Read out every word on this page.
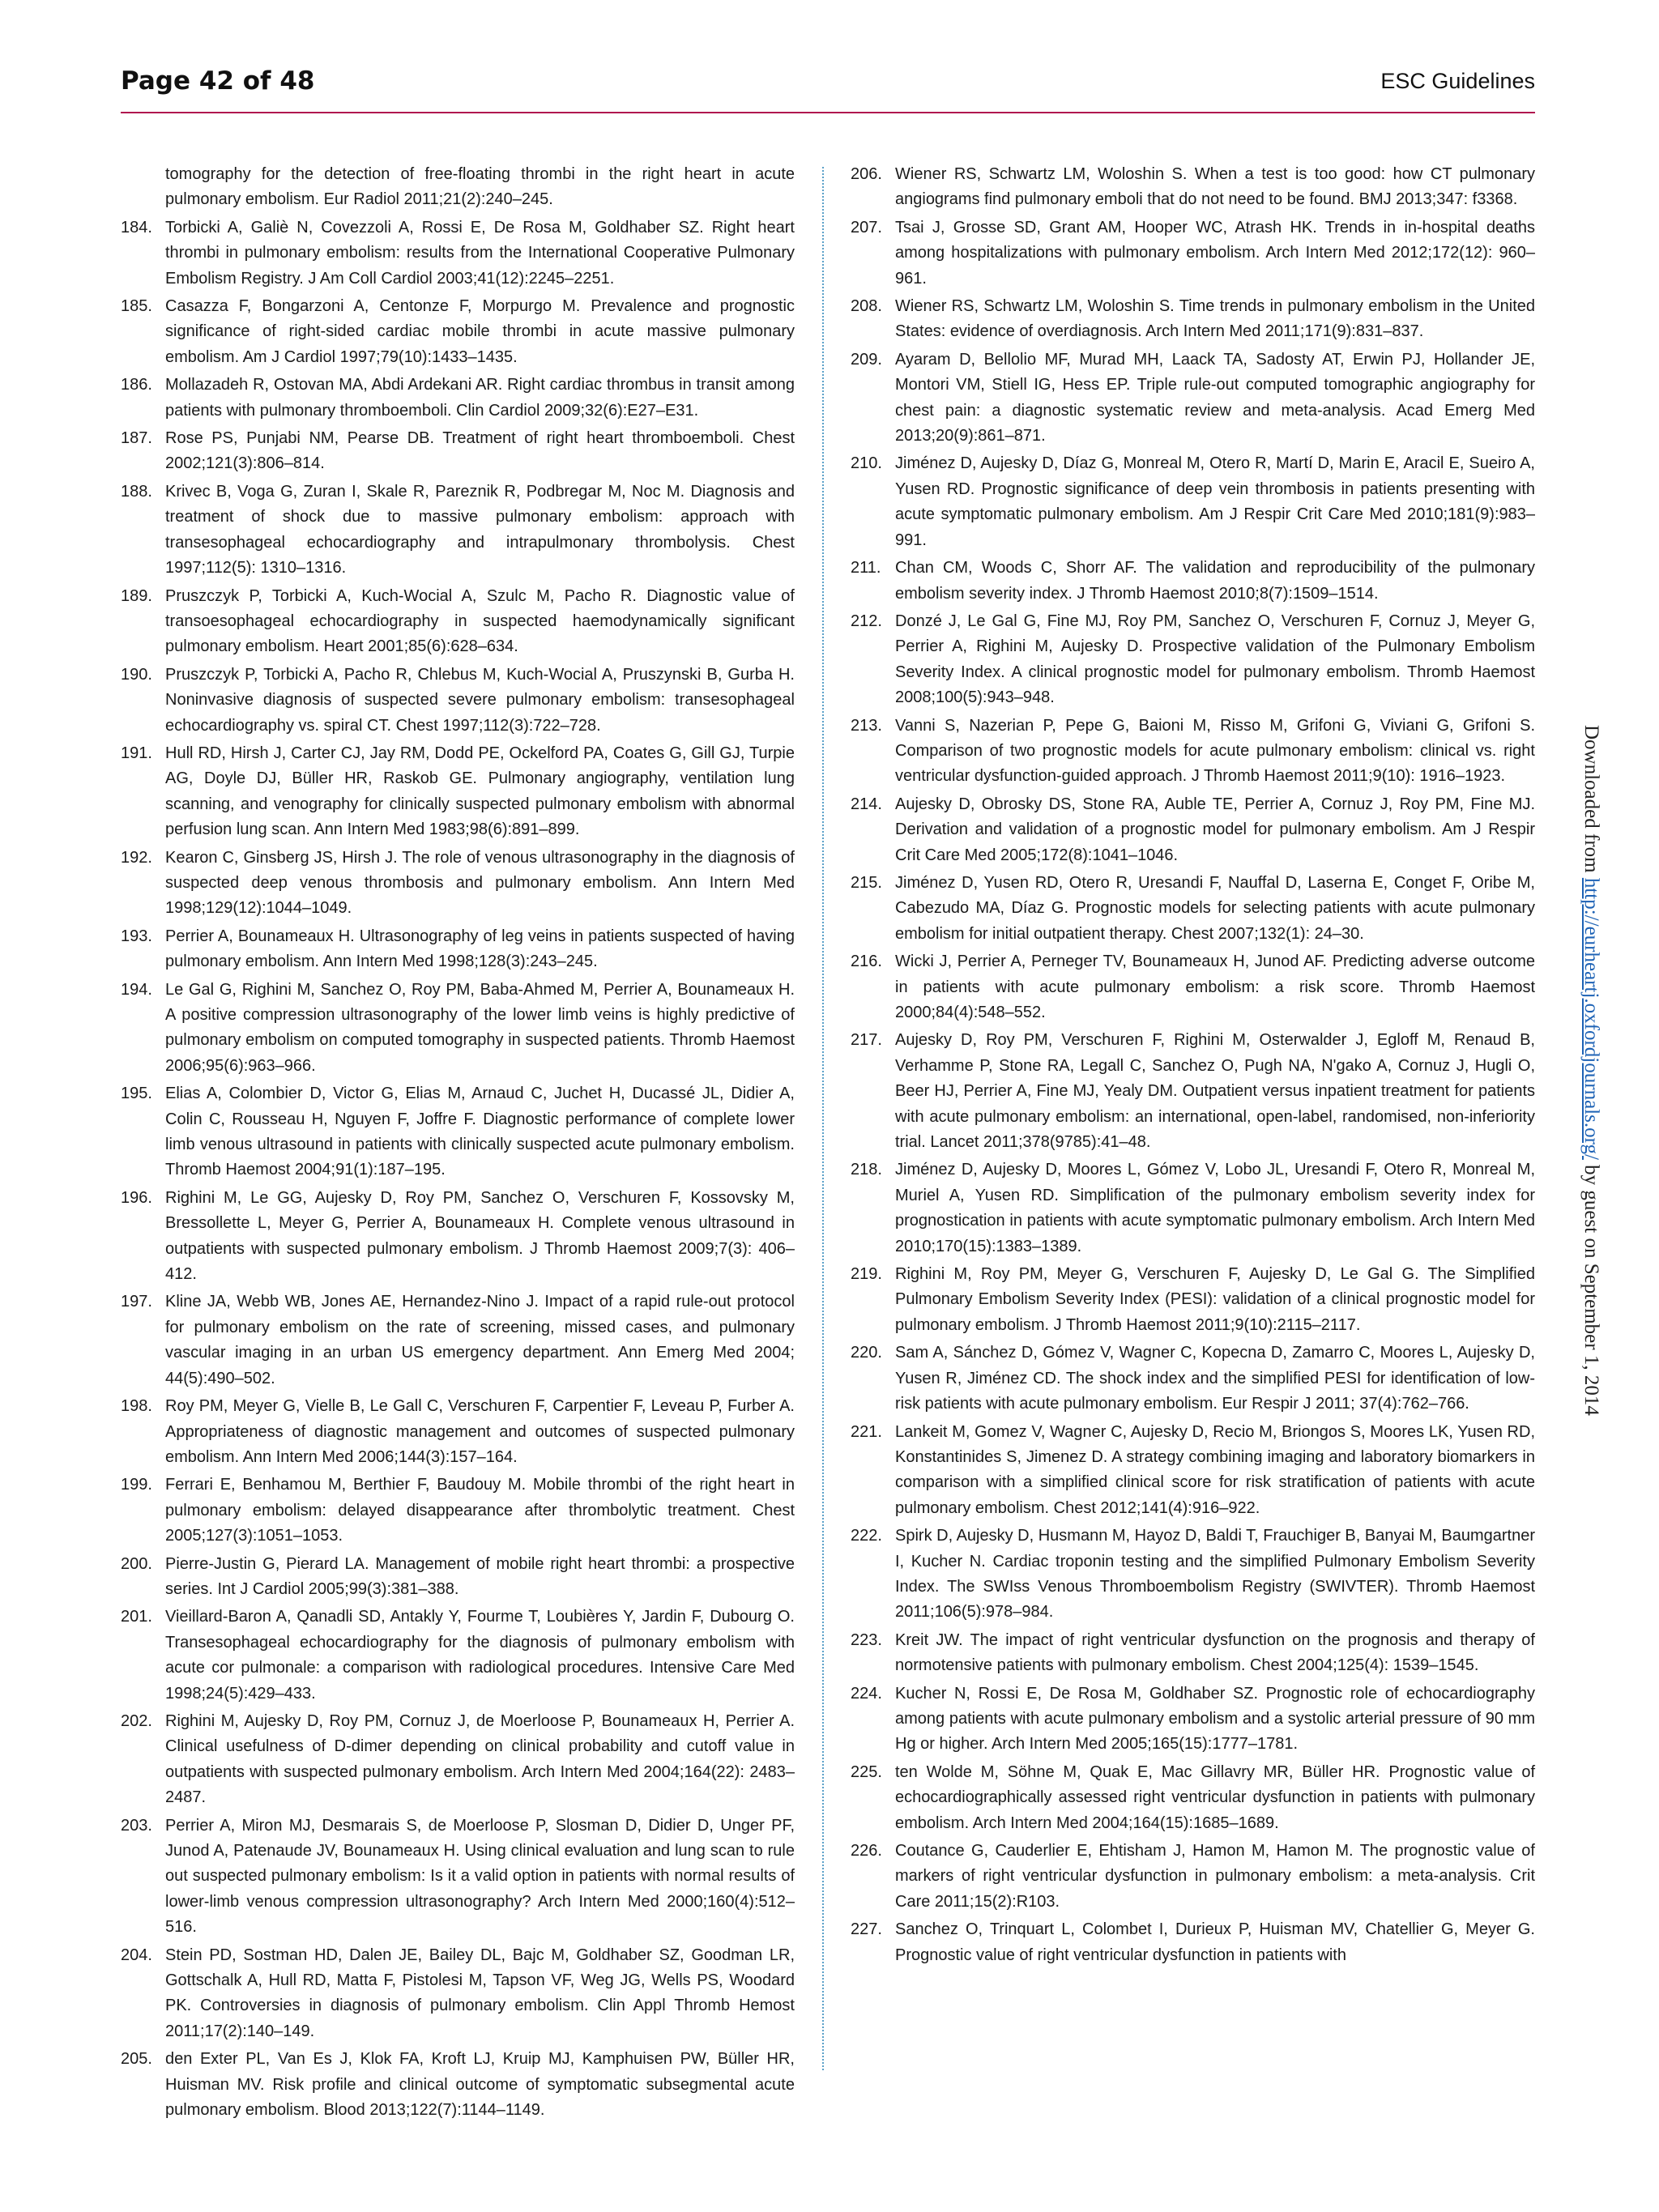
Page 42 of 48	ESC Guidelines
tomography for the detection of free-floating thrombi in the right heart in acute pulmonary embolism. Eur Radiol 2011;21(2):240–245.
184. Torbicki A, Galiè N, Covezzoli A, Rossi E, De Rosa M, Goldhaber SZ. Right heart thrombi in pulmonary embolism: results from the International Cooperative Pulmonary Embolism Registry. J Am Coll Cardiol 2003;41(12):2245–2251.
185. Casazza F, Bongarzoni A, Centonze F, Morpurgo M. Prevalence and prognostic significance of right-sided cardiac mobile thrombi in acute massive pulmonary embolism. Am J Cardiol 1997;79(10):1433–1435.
186. Mollazadeh R, Ostovan MA, Abdi Ardekani AR. Right cardiac thrombus in transit among patients with pulmonary thromboemboli. Clin Cardiol 2009;32(6):E27–E31.
187. Rose PS, Punjabi NM, Pearse DB. Treatment of right heart thromboemboli. Chest 2002;121(3):806–814.
188. Krivec B, Voga G, Zuran I, Skale R, Pareznik R, Podbregar M, Noc M. Diagnosis and treatment of shock due to massive pulmonary embolism: approach with transesophageal echocardiography and intrapulmonary thrombolysis. Chest 1997;112(5): 1310–1316.
189. Pruszczyk P, Torbicki A, Kuch-Wocial A, Szulc M, Pacho R. Diagnostic value of transoesophageal echocardiography in suspected haemodynamically significant pulmonary embolism. Heart 2001;85(6):628–634.
190. Pruszczyk P, Torbicki A, Pacho R, Chlebus M, Kuch-Wocial A, Pruszynski B, Gurba H. Noninvasive diagnosis of suspected severe pulmonary embolism: transesophageal echocardiography vs. spiral CT. Chest 1997;112(3):722–728.
191. Hull RD, Hirsh J, Carter CJ, Jay RM, Dodd PE, Ockelford PA, Coates G, Gill GJ, Turpie AG, Doyle DJ, Büller HR, Raskob GE. Pulmonary angiography, ventilation lung scanning, and venography for clinically suspected pulmonary embolism with abnormal perfusion lung scan. Ann Intern Med 1983;98(6):891–899.
192. Kearon C, Ginsberg JS, Hirsh J. The role of venous ultrasonography in the diagnosis of suspected deep venous thrombosis and pulmonary embolism. Ann Intern Med 1998;129(12):1044–1049.
193. Perrier A, Bounameaux H. Ultrasonography of leg veins in patients suspected of having pulmonary embolism. Ann Intern Med 1998;128(3):243–245.
194. Le Gal G, Righini M, Sanchez O, Roy PM, Baba-Ahmed M, Perrier A, Bounameaux H. A positive compression ultrasonography of the lower limb veins is highly predictive of pulmonary embolism on computed tomography in suspected patients. Thromb Haemost 2006;95(6):963–966.
195. Elias A, Colombier D, Victor G, Elias M, Arnaud C, Juchet H, Ducassé JL, Didier A, Colin C, Rousseau H, Nguyen F, Joffre F. Diagnostic performance of complete lower limb venous ultrasound in patients with clinically suspected acute pulmonary embolism. Thromb Haemost 2004;91(1):187–195.
196. Righini M, Le GG, Aujesky D, Roy PM, Sanchez O, Verschuren F, Kossovsky M, Bressollette L, Meyer G, Perrier A, Bounameaux H. Complete venous ultrasound in outpatients with suspected pulmonary embolism. J Thromb Haemost 2009;7(3): 406–412.
197. Kline JA, Webb WB, Jones AE, Hernandez-Nino J. Impact of a rapid rule-out protocol for pulmonary embolism on the rate of screening, missed cases, and pulmonary vascular imaging in an urban US emergency department. Ann Emerg Med 2004; 44(5):490–502.
198. Roy PM, Meyer G, Vielle B, Le Gall C, Verschuren F, Carpentier F, Leveau P, Furber A. Appropriateness of diagnostic management and outcomes of suspected pulmonary embolism. Ann Intern Med 2006;144(3):157–164.
199. Ferrari E, Benhamou M, Berthier F, Baudouy M. Mobile thrombi of the right heart in pulmonary embolism: delayed disappearance after thrombolytic treatment. Chest 2005;127(3):1051–1053.
200. Pierre-Justin G, Pierard LA. Management of mobile right heart thrombi: a prospective series. Int J Cardiol 2005;99(3):381–388.
201. Vieillard-Baron A, Qanadli SD, Antakly Y, Fourme T, Loubières Y, Jardin F, Dubourg O. Transesophageal echocardiography for the diagnosis of pulmonary embolism with acute cor pulmonale: a comparison with radiological procedures. Intensive Care Med 1998;24(5):429–433.
202. Righini M, Aujesky D, Roy PM, Cornuz J, de Moerloose P, Bounameaux H, Perrier A. Clinical usefulness of D-dimer depending on clinical probability and cutoff value in outpatients with suspected pulmonary embolism. Arch Intern Med 2004;164(22): 2483–2487.
203. Perrier A, Miron MJ, Desmarais S, de Moerloose P, Slosman D, Didier D, Unger PF, Junod A, Patenaude JV, Bounameaux H. Using clinical evaluation and lung scan to rule out suspected pulmonary embolism: Is it a valid option in patients with normal results of lower-limb venous compression ultrasonography? Arch Intern Med 2000;160(4):512–516.
204. Stein PD, Sostman HD, Dalen JE, Bailey DL, Bajc M, Goldhaber SZ, Goodman LR, Gottschalk A, Hull RD, Matta F, Pistolesi M, Tapson VF, Weg JG, Wells PS, Woodard PK. Controversies in diagnosis of pulmonary embolism. Clin Appl Thromb Hemost 2011;17(2):140–149.
205. den Exter PL, Van Es J, Klok FA, Kroft LJ, Kruip MJ, Kamphuisen PW, Büller HR, Huisman MV. Risk profile and clinical outcome of symptomatic subsegmental acute pulmonary embolism. Blood 2013;122(7):1144–1149.
206. Wiener RS, Schwartz LM, Woloshin S. When a test is too good: how CT pulmonary angiograms find pulmonary emboli that do not need to be found. BMJ 2013;347: f3368.
207. Tsai J, Grosse SD, Grant AM, Hooper WC, Atrash HK. Trends in in-hospital deaths among hospitalizations with pulmonary embolism. Arch Intern Med 2012;172(12): 960–961.
208. Wiener RS, Schwartz LM, Woloshin S. Time trends in pulmonary embolism in the United States: evidence of overdiagnosis. Arch Intern Med 2011;171(9):831–837.
209. Ayaram D, Bellolio MF, Murad MH, Laack TA, Sadosty AT, Erwin PJ, Hollander JE, Montori VM, Stiell IG, Hess EP. Triple rule-out computed tomographic angiography for chest pain: a diagnostic systematic review and meta-analysis. Acad Emerg Med 2013;20(9):861–871.
210. Jiménez D, Aujesky D, Díaz G, Monreal M, Otero R, Martí D, Marin E, Aracil E, Sueiro A, Yusen RD. Prognostic significance of deep vein thrombosis in patients presenting with acute symptomatic pulmonary embolism. Am J Respir Crit Care Med 2010;181(9):983–991.
211. Chan CM, Woods C, Shorr AF. The validation and reproducibility of the pulmonary embolism severity index. J Thromb Haemost 2010;8(7):1509–1514.
212. Donzé J, Le Gal G, Fine MJ, Roy PM, Sanchez O, Verschuren F, Cornuz J, Meyer G, Perrier A, Righini M, Aujesky D. Prospective validation of the Pulmonary Embolism Severity Index. A clinical prognostic model for pulmonary embolism. Thromb Haemost 2008;100(5):943–948.
213. Vanni S, Nazerian P, Pepe G, Baioni M, Risso M, Grifoni G, Viviani G, Grifoni S. Comparison of two prognostic models for acute pulmonary embolism: clinical vs. right ventricular dysfunction-guided approach. J Thromb Haemost 2011;9(10): 1916–1923.
214. Aujesky D, Obrosky DS, Stone RA, Auble TE, Perrier A, Cornuz J, Roy PM, Fine MJ. Derivation and validation of a prognostic model for pulmonary embolism. Am J Respir Crit Care Med 2005;172(8):1041–1046.
215. Jiménez D, Yusen RD, Otero R, Uresandi F, Nauffal D, Laserna E, Conget F, Oribe M, Cabezudo MA, Díaz G. Prognostic models for selecting patients with acute pulmonary embolism for initial outpatient therapy. Chest 2007;132(1): 24–30.
216. Wicki J, Perrier A, Perneger TV, Bounameaux H, Junod AF. Predicting adverse outcome in patients with acute pulmonary embolism: a risk score. Thromb Haemost 2000;84(4):548–552.
217. Aujesky D, Roy PM, Verschuren F, Righini M, Osterwalder J, Egloff M, Renaud B, Verhamme P, Stone RA, Legall C, Sanchez O, Pugh NA, N'gako A, Cornuz J, Hugli O, Beer HJ, Perrier A, Fine MJ, Yealy DM. Outpatient versus inpatient treatment for patients with acute pulmonary embolism: an international, open-label, randomised, non-inferiority trial. Lancet 2011;378(9785):41–48.
218. Jiménez D, Aujesky D, Moores L, Gómez V, Lobo JL, Uresandi F, Otero R, Monreal M, Muriel A, Yusen RD. Simplification of the pulmonary embolism severity index for prognostication in patients with acute symptomatic pulmonary embolism. Arch Intern Med 2010;170(15):1383–1389.
219. Righini M, Roy PM, Meyer G, Verschuren F, Aujesky D, Le Gal G. The Simplified Pulmonary Embolism Severity Index (PESI): validation of a clinical prognostic model for pulmonary embolism. J Thromb Haemost 2011;9(10):2115–2117.
220. Sam A, Sánchez D, Gómez V, Wagner C, Kopecna D, Zamarro C, Moores L, Aujesky D, Yusen R, Jiménez CD. The shock index and the simplified PESI for identification of low-risk patients with acute pulmonary embolism. Eur Respir J 2011; 37(4):762–766.
221. Lankeit M, Gomez V, Wagner C, Aujesky D, Recio M, Briongos S, Moores LK, Yusen RD, Konstantinides S, Jimenez D. A strategy combining imaging and laboratory biomarkers in comparison with a simplified clinical score for risk stratification of patients with acute pulmonary embolism. Chest 2012;141(4):916–922.
222. Spirk D, Aujesky D, Husmann M, Hayoz D, Baldi T, Frauchiger B, Banyai M, Baumgartner I, Kucher N. Cardiac troponin testing and the simplified Pulmonary Embolism Severity Index. The SWIss Venous Thromboembolism Registry (SWIVTER). Thromb Haemost 2011;106(5):978–984.
223. Kreit JW. The impact of right ventricular dysfunction on the prognosis and therapy of normotensive patients with pulmonary embolism. Chest 2004;125(4): 1539–1545.
224. Kucher N, Rossi E, De Rosa M, Goldhaber SZ. Prognostic role of echocardiography among patients with acute pulmonary embolism and a systolic arterial pressure of 90 mm Hg or higher. Arch Intern Med 2005;165(15):1777–1781.
225. ten Wolde M, Söhne M, Quak E, Mac Gillavry MR, Büller HR. Prognostic value of echocardiographically assessed right ventricular dysfunction in patients with pulmonary embolism. Arch Intern Med 2004;164(15):1685–1689.
226. Coutance G, Cauderlier E, Ehtisham J, Hamon M, Hamon M. The prognostic value of markers of right ventricular dysfunction in pulmonary embolism: a meta-analysis. Crit Care 2011;15(2):R103.
227. Sanchez O, Trinquart L, Colombet I, Durieux P, Huisman MV, Chatellier G, Meyer G. Prognostic value of right ventricular dysfunction in patients with
Downloaded from http://eurheartj.oxfordjournals.org/ by guest on September 1, 2014
